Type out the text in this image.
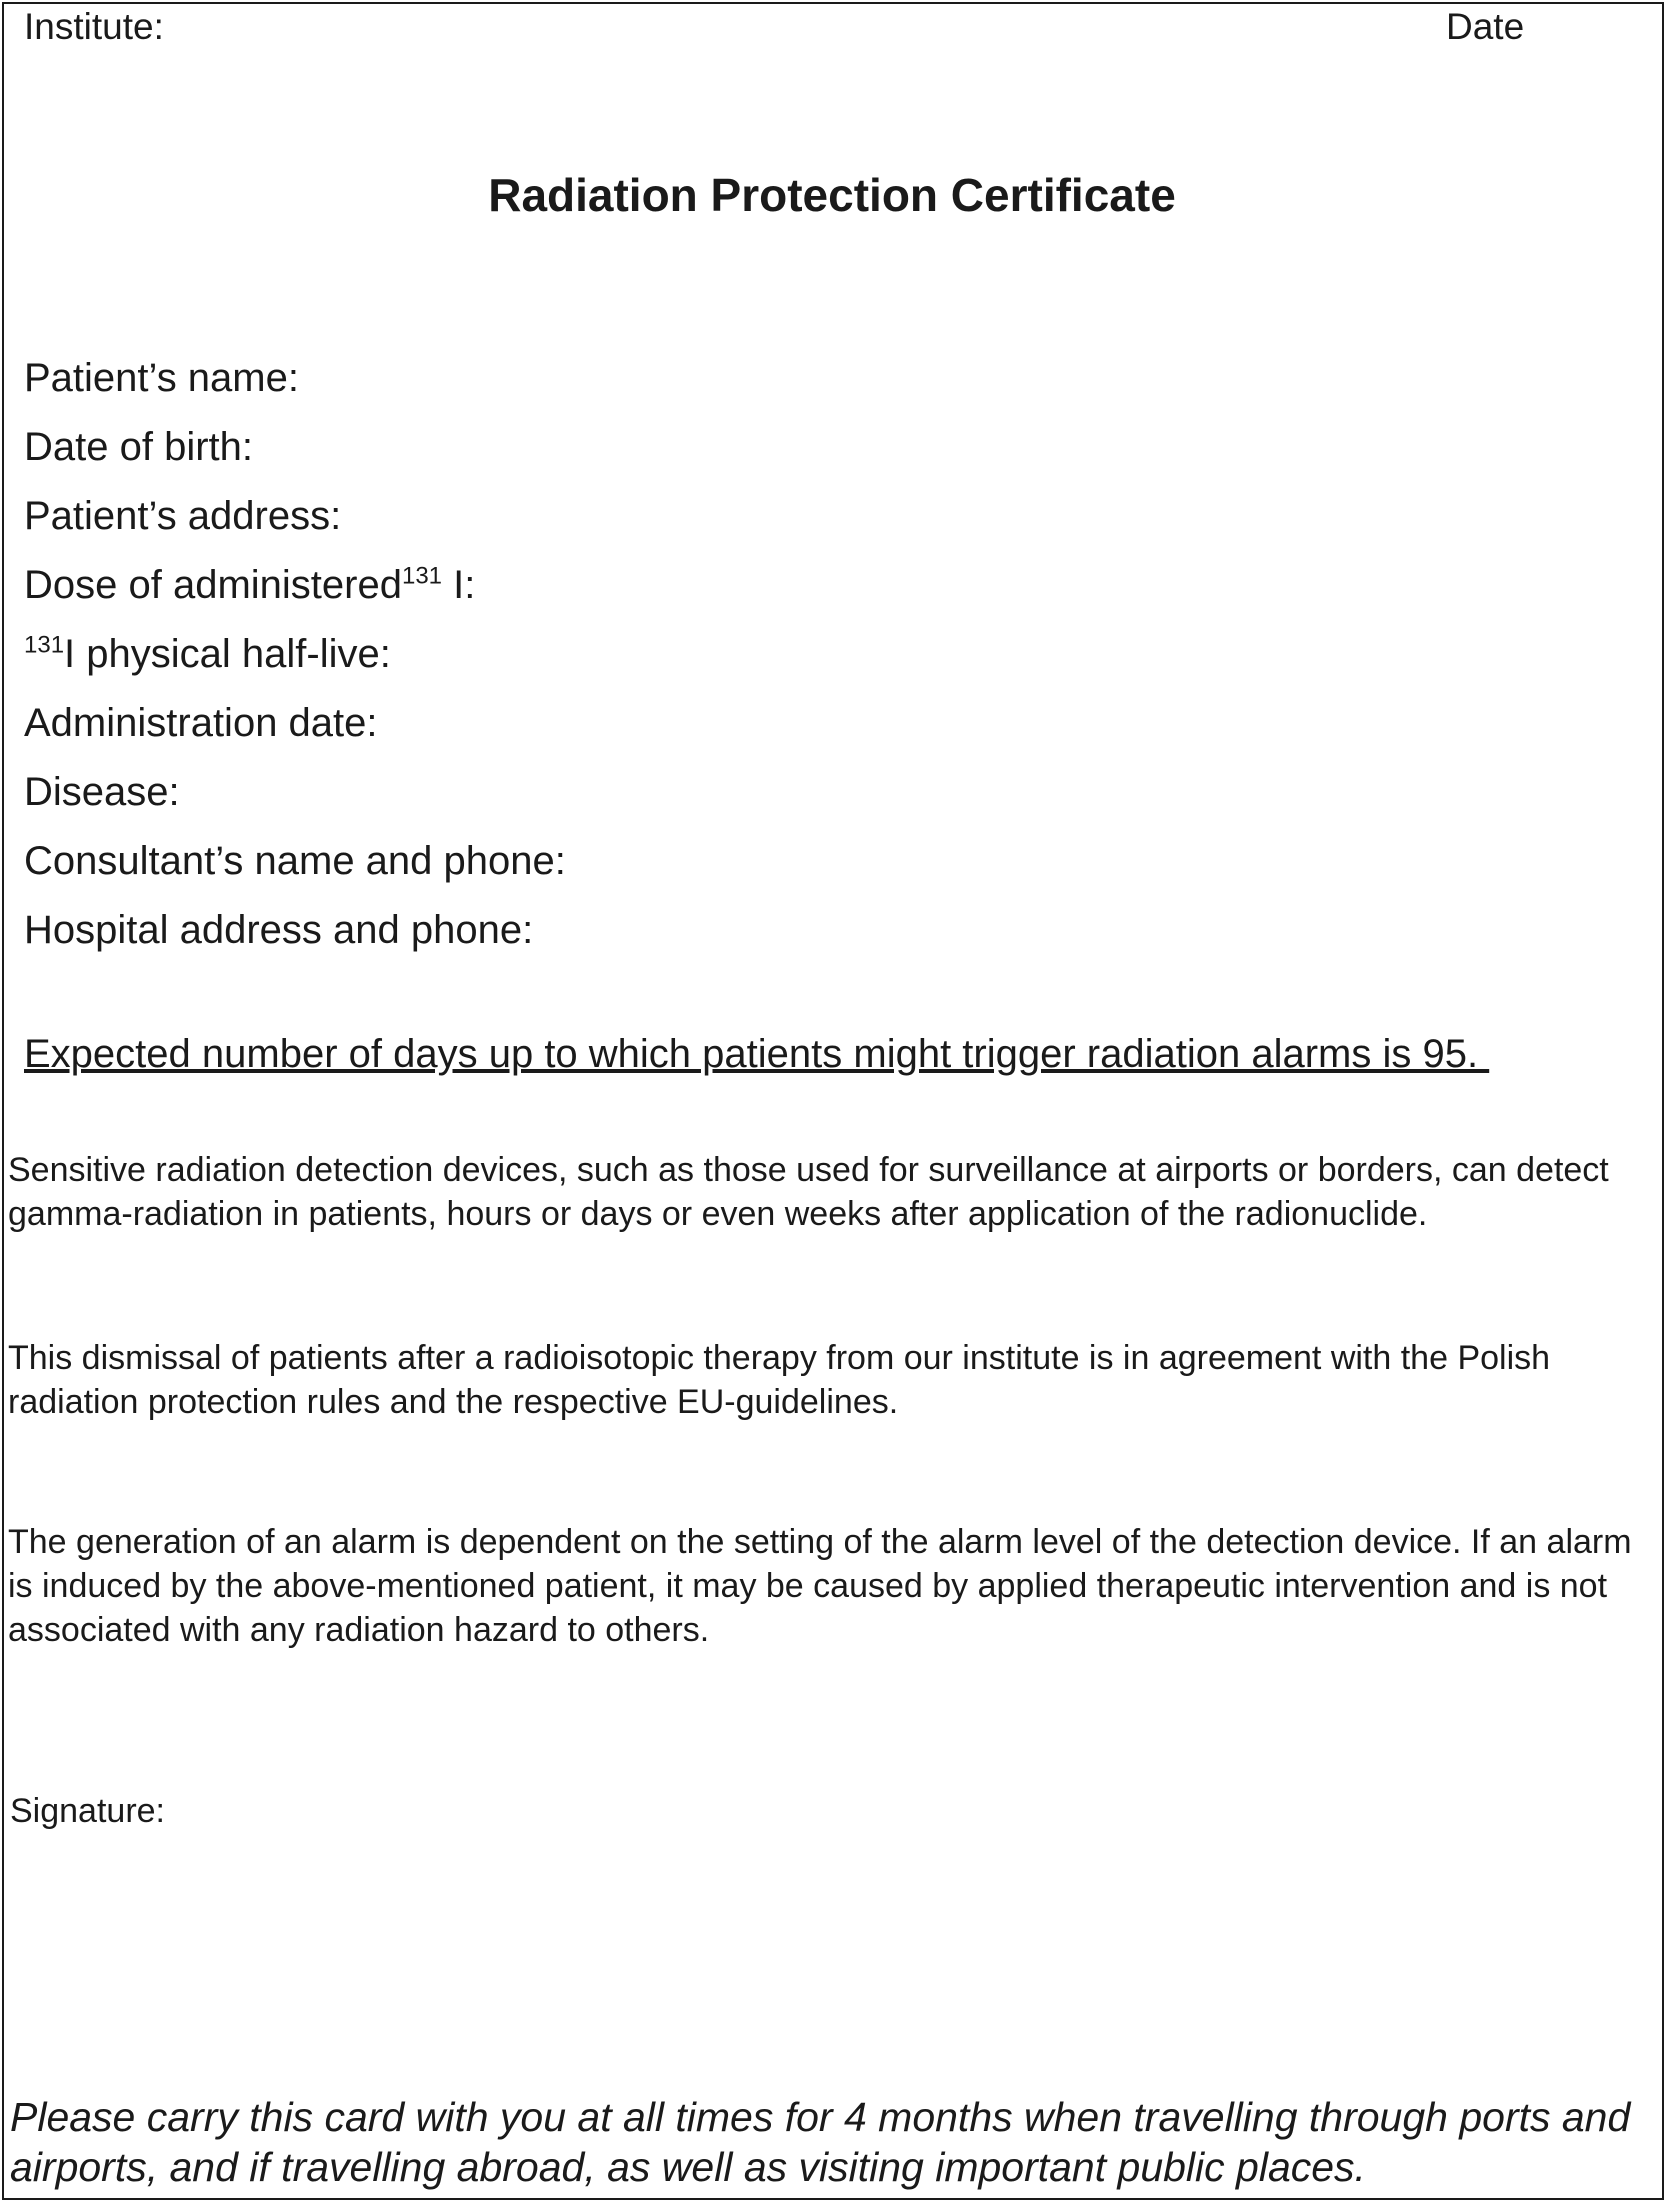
Institute:	Date

Radiation Protection Certificate

Patient’s name:

Date of birth:

Patient’s address:

Dose of administered$^{131}$ I:

$^{131}$I physical half-live:

Administration date:

Disease:

Consultant’s name and phone:

Hospital address and phone:

Expected number of days up to which patients might trigger radiation alarms is 95.

Sensitive radiation detection devices, such as those used for surveillance at airports or borders, can detect gamma-radiation in patients, hours or days or even weeks after application of the radionuclide.

This dismissal of patients after a radioisotopic therapy from our institute is in agreement with the Polish radiation protection rules and the respective EU-guidelines.

The generation of an alarm is dependent on the setting of the alarm level of the detection device. If an alarm is induced by the above-mentioned patient, it may be caused by applied therapeutic intervention and is not associated with any radiation hazard to others.

Signature:

Please carry this card with you at all times for 4 months when travelling through ports and airports, and if travelling abroad, as well as visiting important public places.
